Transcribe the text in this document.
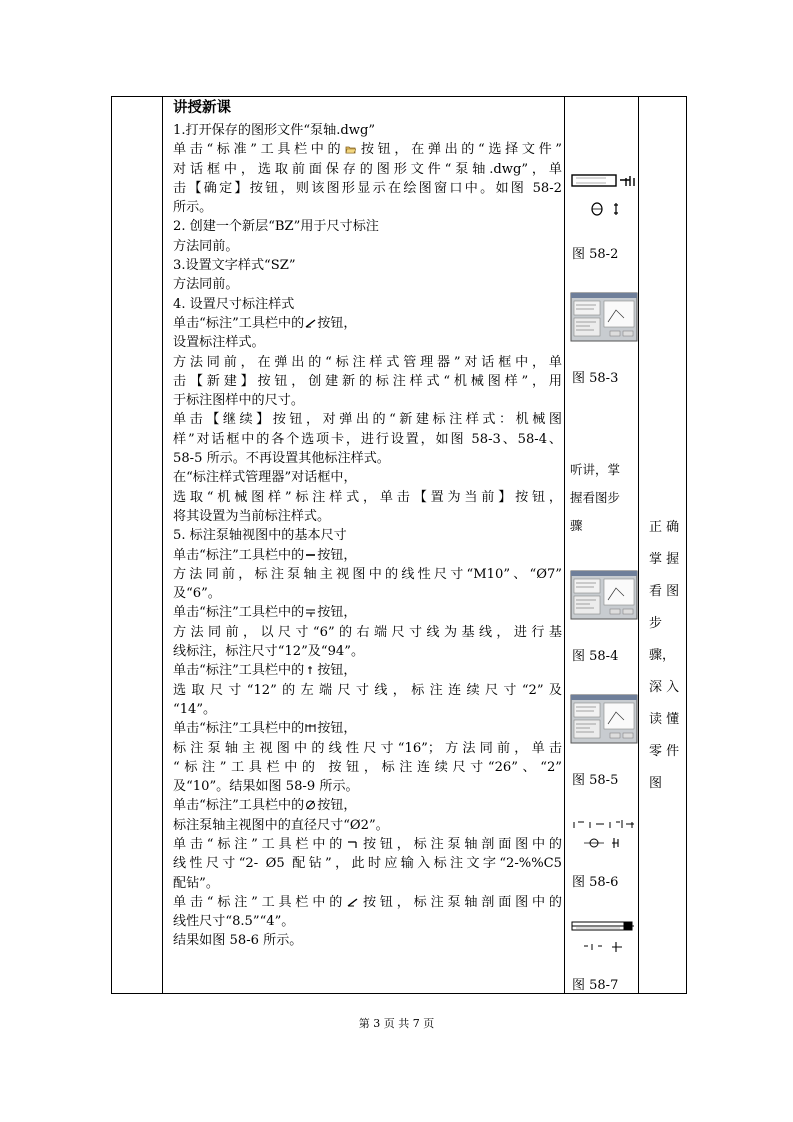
讲授新课
1.打开保存的图形文件“泵轴.dwg”
单击“标准”工具栏中的 按钮，在弹出的“选择文件”
对话框中，选取前面保存的图形文件“泵轴.dwg”，单
击【确定】按钮，则该图形显示在绘图窗口中。如图 58-2
所示。
2. 创建一个新层“BZ”用于尺寸标注
方法同前。
3.设置文字样式“SZ”
方法同前。
4. 设置尺寸标注样式
单击“标注”工具栏中的 按钮，
设置标注样式。
方法同前，在弹出的“标注样式管理器”对话框中，单
击【新建】按钮，创建新的标注样式“机械图样”，用
于标注图样中的尺寸。
单击【继续】按钮，对弹出的“新建标注样式：机械图
样”对话框中的各个选项卡，进行设置，如图 58-3、58-4、
58-5 所示。不再设置其他标注样式。
在“标注样式管理器”对话框中，
选取“机械图样”标注样式，单击【置为当前】按钮，
将其设置为当前标注样式。
5. 标注泵轴视图中的基本尺寸
单击“标注”工具栏中的 按钮，
方法同前，标注泵轴主视图中的线性尺寸“M10”、“Ø7”
及“6”。
单击“标注”工具栏中的 按钮，
方法同前，以尺寸“6”的右端尺寸线为基线，进行基
线标注，标注尺寸“12”及“94”。
单击“标注”工具栏中的 按钮，
选取尺寸“12”的左端尺寸线，标注连续尺寸“2”及
“14”。
单击“标注”工具栏中的 按钮，
标注泵轴主视图中的线性尺寸“16”；方法同前，单击
“标注”工具栏中的 按钮，标注连续尺寸“26”、“2”
及“10”。结果如图 58-9 所示。
单击“标注”工具栏中的 按钮，
标注泵轴主视图中的直径尺寸“Ø2”。
单击“标注”工具栏中的 按钮，标注泵轴剖面图中的
线性尺寸“2- Ø5 配钻”，此时应输入标注文字“2-%%C5
配钻”。
单击“标注”工具栏中的 按钮，标注泵轴剖面图中的
线性尺寸“8.5”“4”。
结果如图 58-6 所示。
图 58-2
图 58-3
图 58-4
图 58-5
图 58-6
图 58-7
听讲，掌
握看图步
骤	正 确
掌 握
看 图
步
骤，
深 入
读 懂
零 件
图
第 3 页 共 7 页
